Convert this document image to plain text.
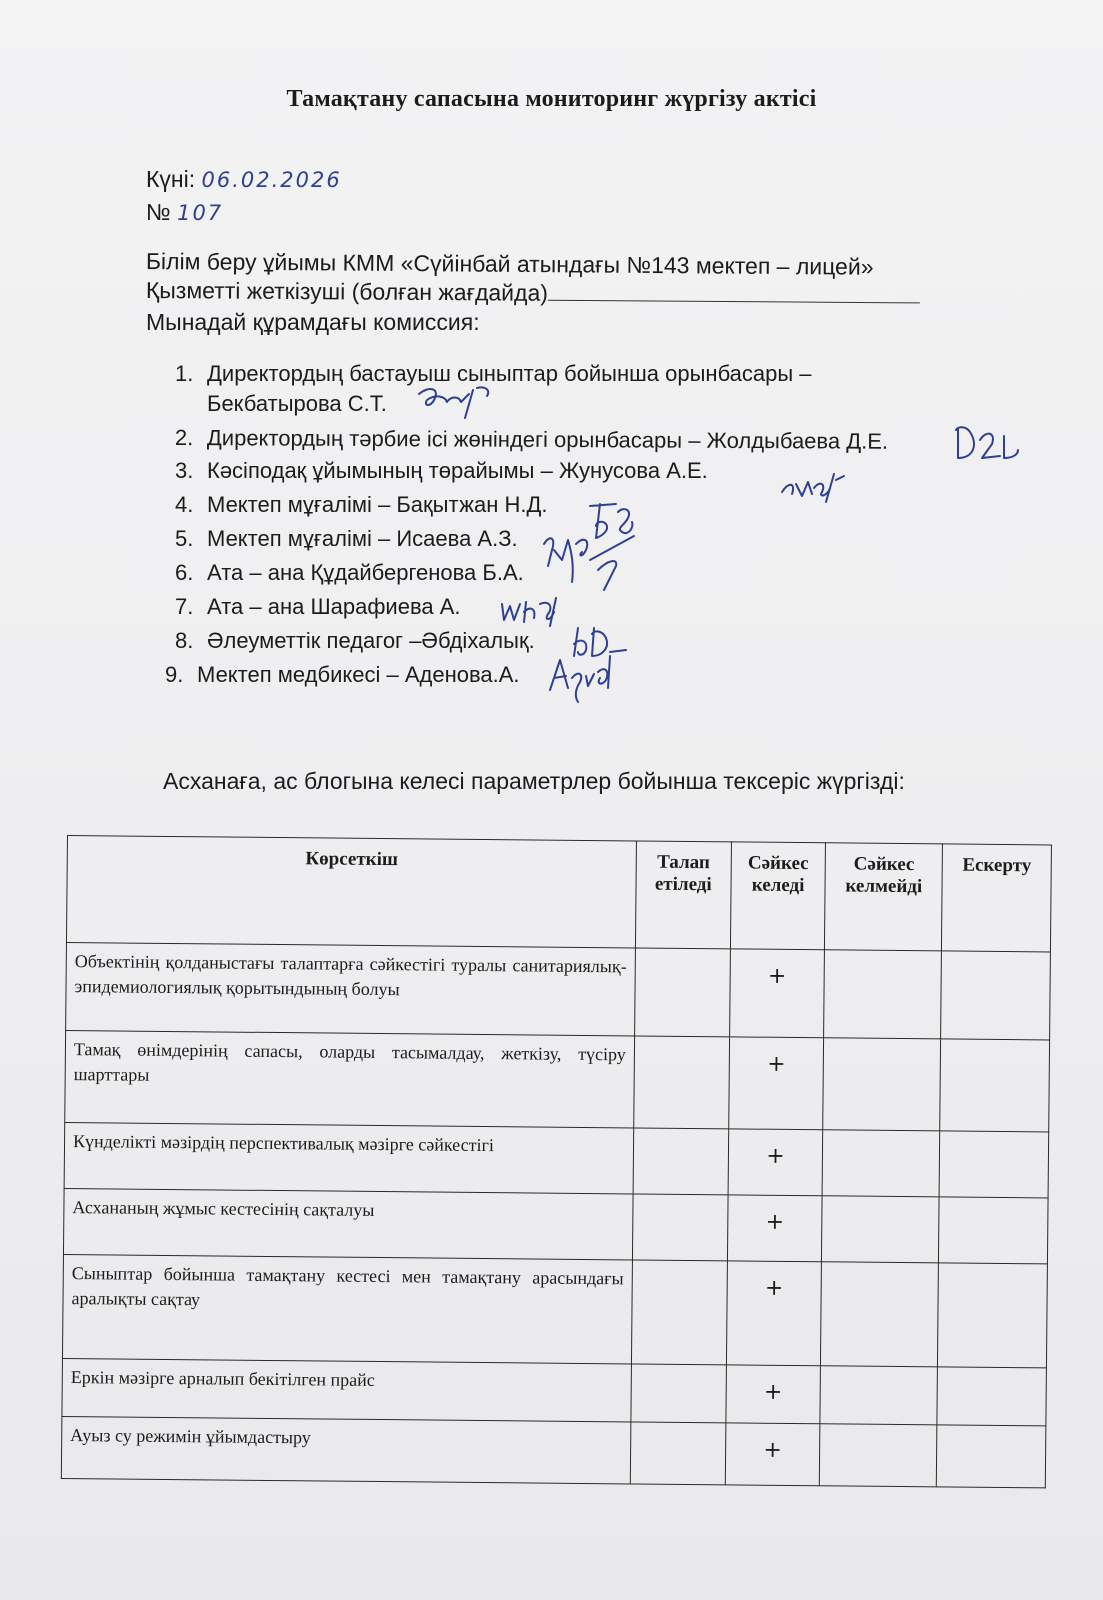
Тамақтану сапасына мониторинг жүргізу актісі
Күні: 06.02.2026
№ 107
Білім беру ұйымы КММ «Сүйінбай атындағы №143 мектеп – лицей»
Қызметті жеткізуші (болған жағдайда)
Мынадай құрамдағы комиссия:
1. Директордың бастауыш сыныптар бойынша орынбасары –
Бекбатырова С.Т.
2. Директордың тәрбие ісі жөніндегі орынбасары – Жолдыбаева Д.Е.
3. Кәсіподақ ұйымының төрайымы – Жунусова А.Е.
4. Мектеп мұғалімі – Бақытжан Н.Д.
5. Мектеп мұғалімі – Исаева А.З.
6. Ата – ана Құдайбергенова Б.А.
7. Ата – ана Шарафиева А.
8. Әлеуметтік педагог –Әбдіхалық.
9. Мектеп медбикесі – Аденова.А.
Асханаға, ас блогына келесі параметрлер бойынша тексеріс жүргізді:
Көрсеткіш	Талап етіледі	Сәйкес келеді	Сәйкес келмейді	Ескерту
Объектінің қолданыстағы талаптарға сәйкестігі туралы санитариялық-эпидемиологиялық қорытындының болуы		+		
Тамақ өнімдерінің сапасы, оларды тасымалдау, жеткізу, түсіру шарттары		+		
Күнделікті мәзірдің перспективалық мәзірге сәйкестігі		+		
Асхананың жұмыс кестесінің сақталуы		+		
Сыныптар бойынша тамақтану кестесі мен тамақтану арасындағы аралықты сақтау		+		
Еркін мәзірге арналып бекітілген прайс		+		
Ауыз су режимін ұйымдастыру		+		
